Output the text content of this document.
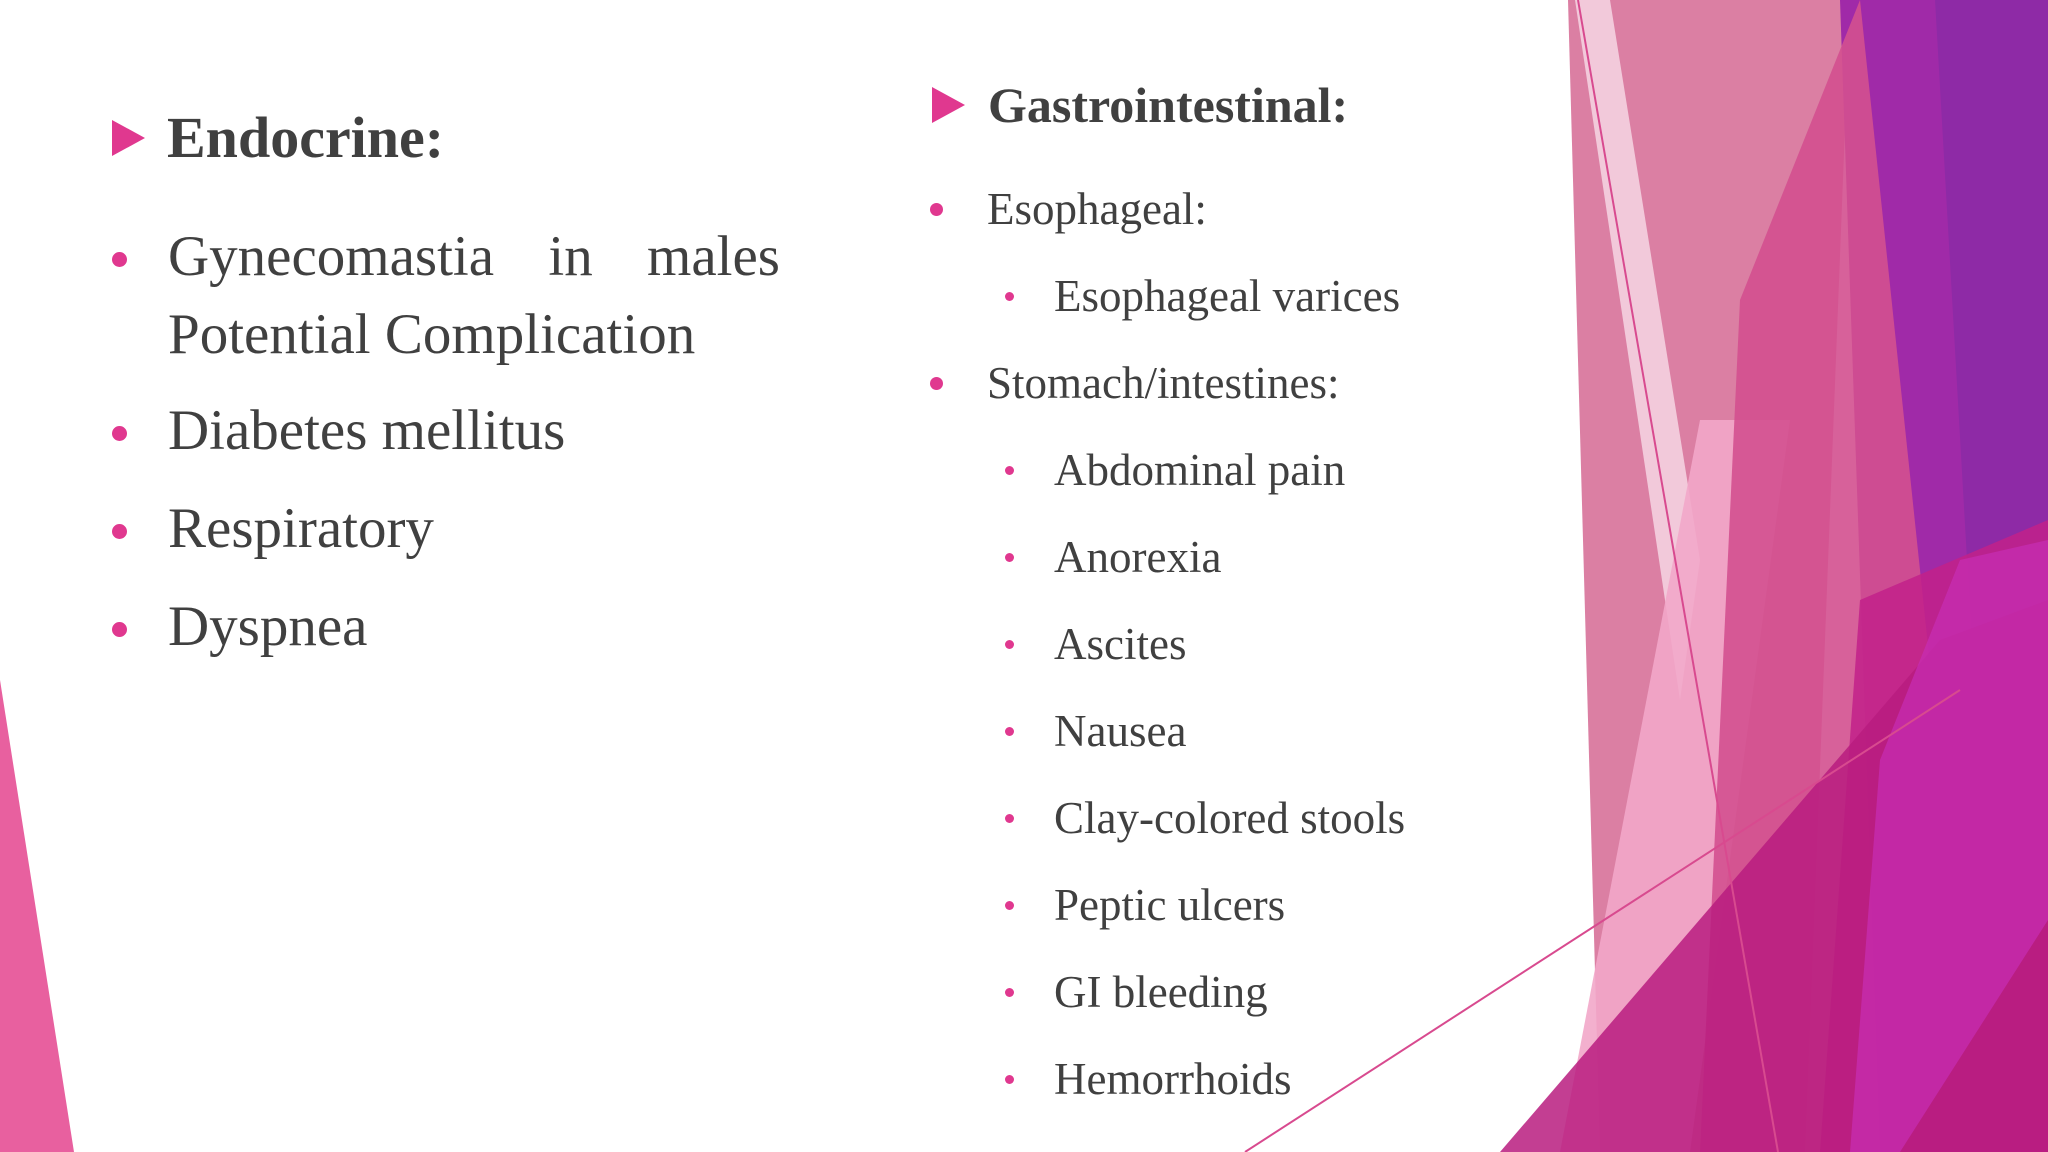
Endocrine:
Gynecomastia in males
Potential Complication
Diabetes mellitus
Respiratory
Dyspnea
Gastrointestinal:
Esophageal:
Esophageal varices
Stomach/intestines:
Abdominal pain
Anorexia
Ascites
Nausea
Clay-colored stools
Peptic ulcers
GI bleeding
Hemorrhoids
